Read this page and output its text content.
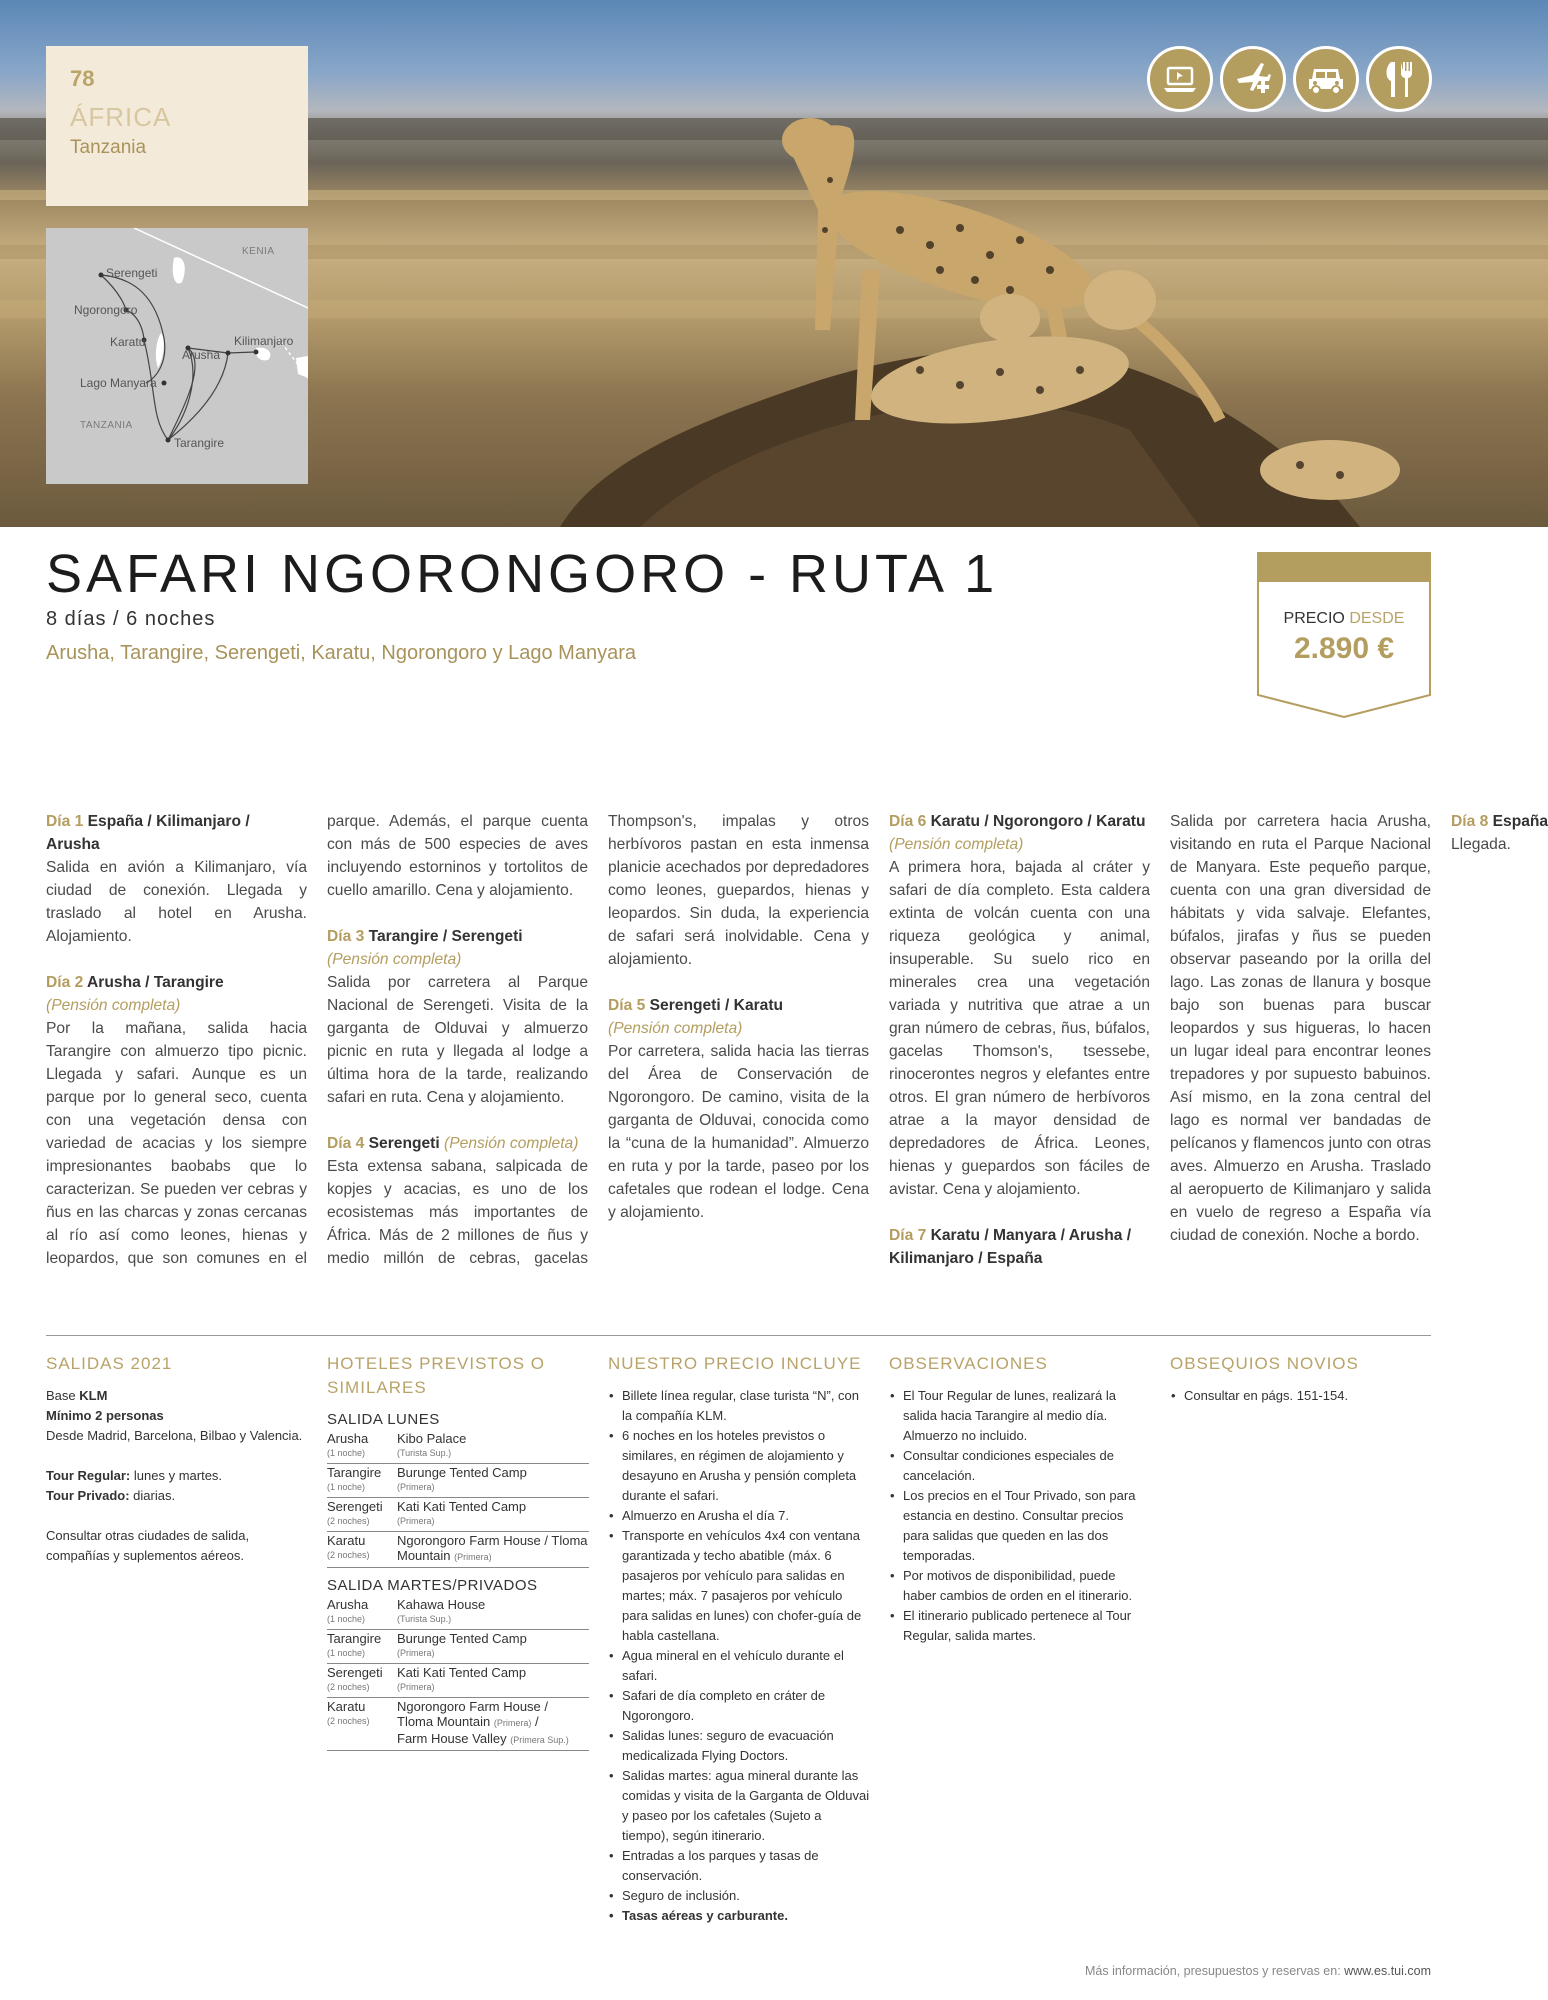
78
ÁFRICA
Tanzania
KENIA
TANZANIA
Serengeti
Ngorongoro
Karatu
Arusha
Kilimanjaro
Lago Manyara
Tarangire
SAFARI NGORONGORO - RUTA 1
8 días / 6 noches
Arusha, Tarangire, Serengeti, Karatu, Ngorongoro y Lago Manyara
PRECIO DESDE
2.890 €
Día 1 España / Kilimanjaro / Arusha
Salida en avión a Kilimanjaro, vía ciudad de conexión. Llegada y traslado al hotel en Arusha. Alojamiento.
Día 2 Arusha / Tarangire
(Pensión completa)
Por la mañana, salida hacia Tarangire con almuerzo tipo picnic. Llegada y safari. Aunque es un parque por lo general seco, cuenta con una vegetación densa con variedad de acacias y los siempre impresionantes baobabs que lo caracterizan. Se pueden ver cebras y ñus en las charcas y zonas cercanas al río así como leones, hienas y leopardos, que son comunes en el parque. Además, el parque cuenta con más de 500 especies de aves incluyendo estorninos y tortolitos de cuello amarillo. Cena y alojamiento.
Día 3 Tarangire / Serengeti
(Pensión completa)
Salida por carretera al Parque Nacional de Serengeti. Visita de la garganta de Olduvai y almuerzo picnic en ruta y llegada al lodge a última hora de la tarde, realizando safari en ruta. Cena y alojamiento.
Día 4 Serengeti (Pensión completa)
Esta extensa sabana, salpicada de kopjes y acacias, es uno de los ecosistemas más importantes de África. Más de 2 millones de ñus y medio millón de cebras, gacelas Thompson's, impalas y otros herbívoros pastan en esta inmensa planicie acechados por depredadores como leones, guepardos, hienas y leopardos. Sin duda, la experiencia de safari será inolvidable. Cena y alojamiento.
Día 5 Serengeti / Karatu
(Pensión completa)
Por carretera, salida hacia las tierras del Área de Conservación de Ngorongoro. De camino, visita de la garganta de Olduvai, conocida como la “cuna de la humanidad”. Almuerzo en ruta y por la tarde, paseo por los cafetales que rodean el lodge. Cena y alojamiento.
Día 6 Karatu / Ngorongoro / Karatu (Pensión completa)
A primera hora, bajada al cráter y safari de día completo. Esta caldera extinta de volcán cuenta con una riqueza geológica y animal, insuperable. Su suelo rico en minerales crea una vegetación variada y nutritiva que atrae a un gran número de cebras, ñus, búfalos, gacelas Thomson's, tsessebe, rinocerontes negros y elefantes entre otros. El gran número de herbívoros atrae a la mayor densidad de depredadores de África. Leones, hienas y guepardos son fáciles de avistar. Cena y alojamiento.
Día 7 Karatu / Manyara / Arusha / Kilimanjaro / España
Salida por carretera hacia Arusha, visitando en ruta el Parque Nacional de Manyara. Este pequeño parque, cuenta con una gran diversidad de hábitats y vida salvaje. Elefantes, búfalos, jirafas y ñus se pueden observar paseando por la orilla del lago. Las zonas de llanura y bosque bajo son buenas para buscar leopardos y sus higueras, lo hacen un lugar ideal para encontrar leones trepadores y por supuesto babuinos. Así mismo, en la zona central del lago es normal ver bandadas de pelícanos y flamencos junto con otras aves. Almuerzo en Arusha. Traslado al aeropuerto de Kilimanjaro y salida en vuelo de regreso a España vía ciudad de conexión. Noche a bordo.
Día 8 España
Llegada.
SALIDAS 2021

Base KLM

Mínimo 2 personas

Desde Madrid, Barcelona, Bilbao y Valencia.

Tour Regular: lunes y martes.

Tour Privado: diarias.

Consultar otras ciudades de salida, compañías y suplementos aéreos.

HOTELES PREVISTOS O SIMILARES
SALIDA LUNES
Arusha
(1 noche)
Kibo Palace
(Turista Sup.)
Tarangire
(1 noche)
Burunge Tented Camp
(Primera)
Serengeti
(2 noches)
Kati Kati Tented Camp
(Primera)
Karatu
(2 noches)
Ngorongoro Farm House / Tloma Mountain (Primera)
SALIDA MARTES/PRIVADOS
Arusha
(1 noche)
Kahawa House
(Turista Sup.)
Tarangire
(1 noche)
Burunge Tented Camp
(Primera)
Serengeti
(2 noches)
Kati Kati Tented Camp
(Primera)
Karatu
(2 noches)
Ngorongoro Farm House /
Tloma Mountain (Primera) /
Farm House Valley (Primera Sup.)
NUESTRO PRECIO INCLUYE
• Billete línea regular, clase turista “N”, con la compañía KLM.
• 6 noches en los hoteles previstos o similares, en régimen de alojamiento y desayuno en Arusha y pensión completa durante el safari.
• Almuerzo en Arusha el día 7.
• Transporte en vehículos 4x4 con ventana garantizada y techo abatible (máx. 6 pasajeros por vehículo para salidas en martes; máx. 7 pasajeros por vehículo para salidas en lunes) con chofer-guía de habla castellana.
• Agua mineral en el vehículo durante el safari.
• Safari de día completo en cráter de Ngorongoro.
• Salidas lunes: seguro de evacuación medicalizada Flying Doctors.
• Salidas martes: agua mineral durante las comidas y visita de la Garganta de Olduvai y paseo por los cafetales (Sujeto a tiempo), según itinerario.
• Entradas a los parques y tasas de conservación.
• Seguro de inclusión.
• Tasas aéreas y carburante.
OBSERVACIONES
• El Tour Regular de lunes, realizará la salida hacia Tarangire al medio día. Almuerzo no incluido.
• Consultar condiciones especiales de cancelación.
• Los precios en el Tour Privado, son para estancia en destino. Consultar precios para salidas que queden en las dos temporadas.
• Por motivos de disponibilidad, puede haber cambios de orden en el itinerario.
• El itinerario publicado pertenece al Tour Regular, salida martes.
OBSEQUIOS NOVIOS
• Consultar en págs. 151-154.
Más información, presupuestos y reservas en: www.es.tui.com
